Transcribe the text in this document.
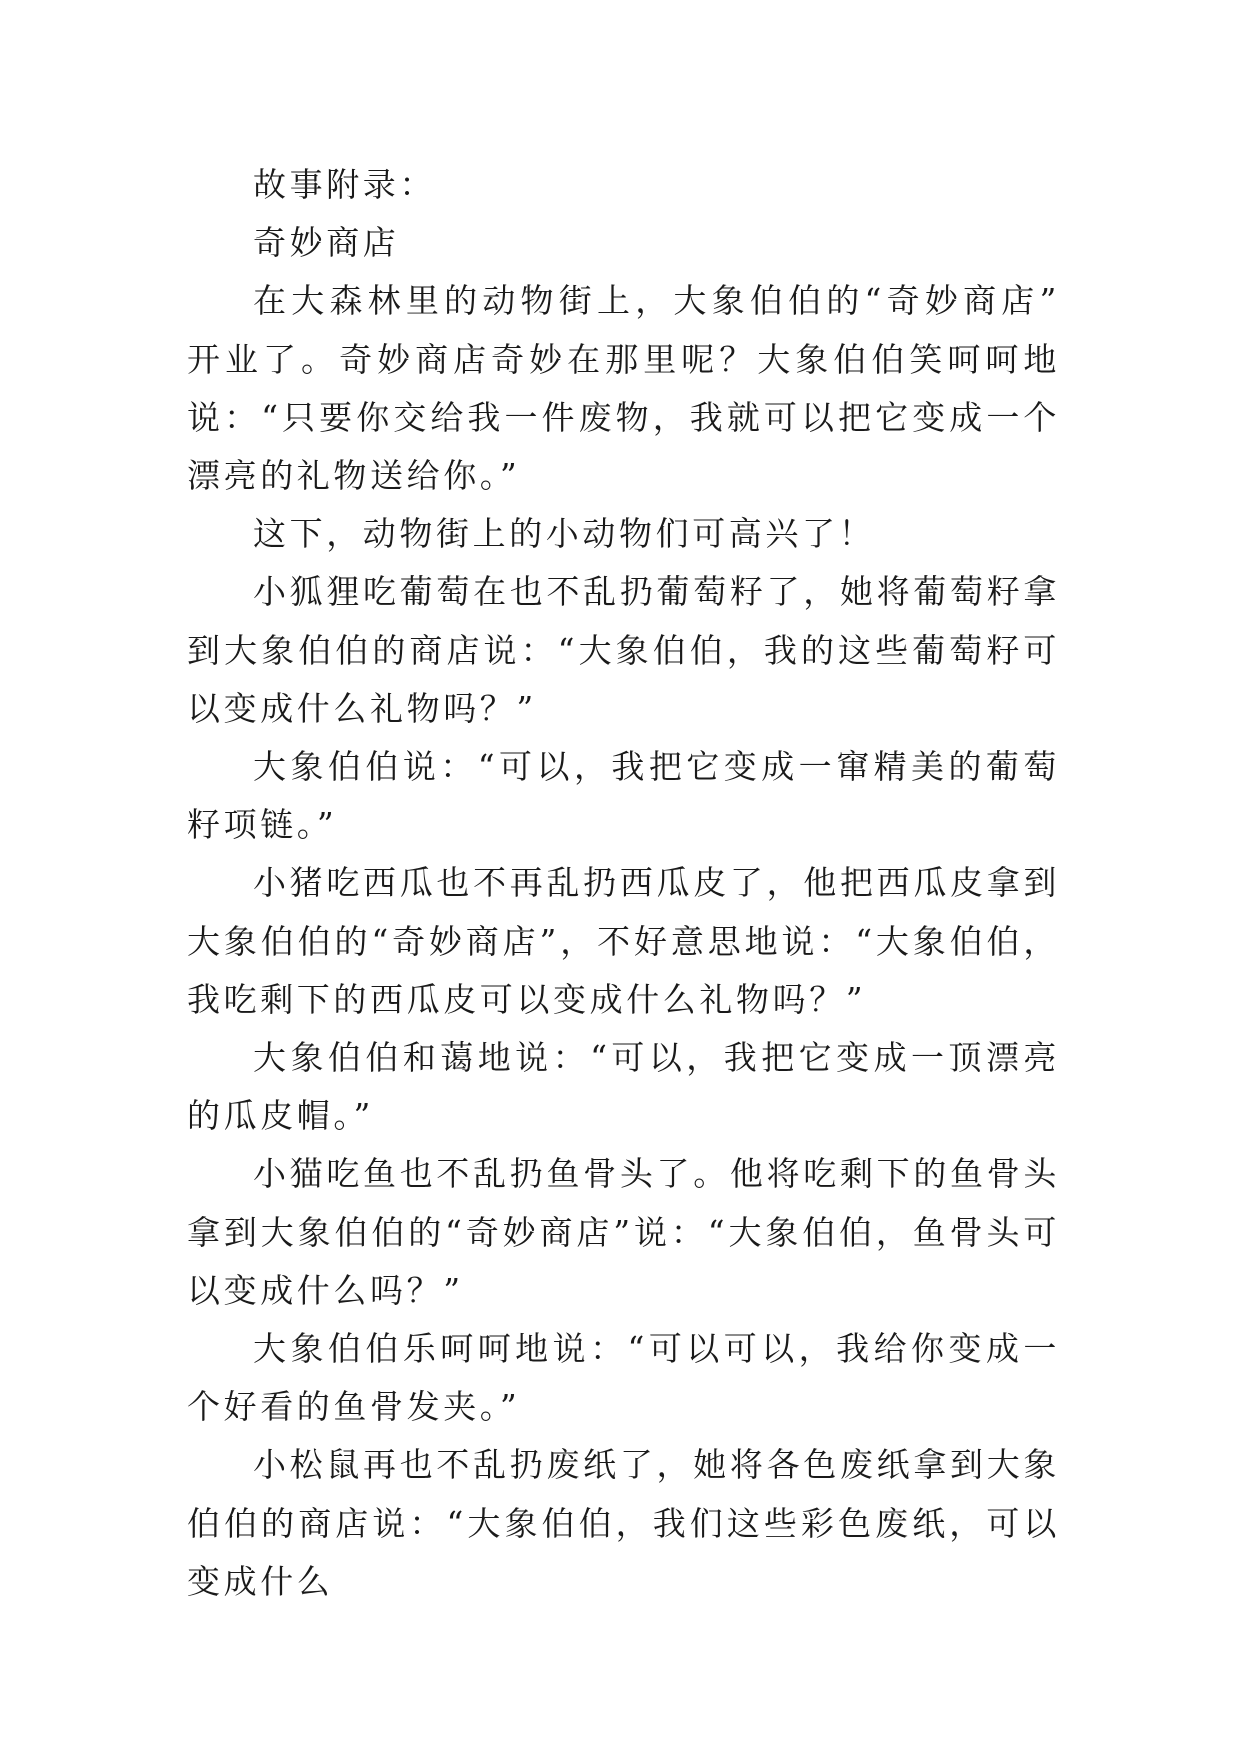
故事附录：

奇妙商店

在大森林里的动物街上，大象伯伯的“奇妙商店”开业了。奇妙商店奇妙在那里呢？大象伯伯笑呵呵地说：“只要你交给我一件废物，我就可以把它变成一个漂亮的礼物送给你。”

这下，动物街上的小动物们可高兴了！

小狐狸吃葡萄在也不乱扔葡萄籽了，她将葡萄籽拿到大象伯伯的商店说：“大象伯伯，我的这些葡萄籽可以变成什么礼物吗？”

大象伯伯说：“可以，我把它变成一窜精美的葡萄籽项链。”

小猪吃西瓜也不再乱扔西瓜皮了，他把西瓜皮拿到大象伯伯的“奇妙商店”，不好意思地说：“大象伯伯，我吃剩下的西瓜皮可以变成什么礼物吗？”

大象伯伯和蔼地说：“可以，我把它变成一顶漂亮的瓜皮帽。”

小猫吃鱼也不乱扔鱼骨头了。他将吃剩下的鱼骨头拿到大象伯伯的“奇妙商店”说：“大象伯伯，鱼骨头可以变成什么吗？”

大象伯伯乐呵呵地说：“可以可以，我给你变成一个好看的鱼骨发夹。”

小松鼠再也不乱扔废纸了，她将各色废纸拿到大象伯伯的商店说：“大象伯伯，我们这些彩色废纸，可以变成什么
